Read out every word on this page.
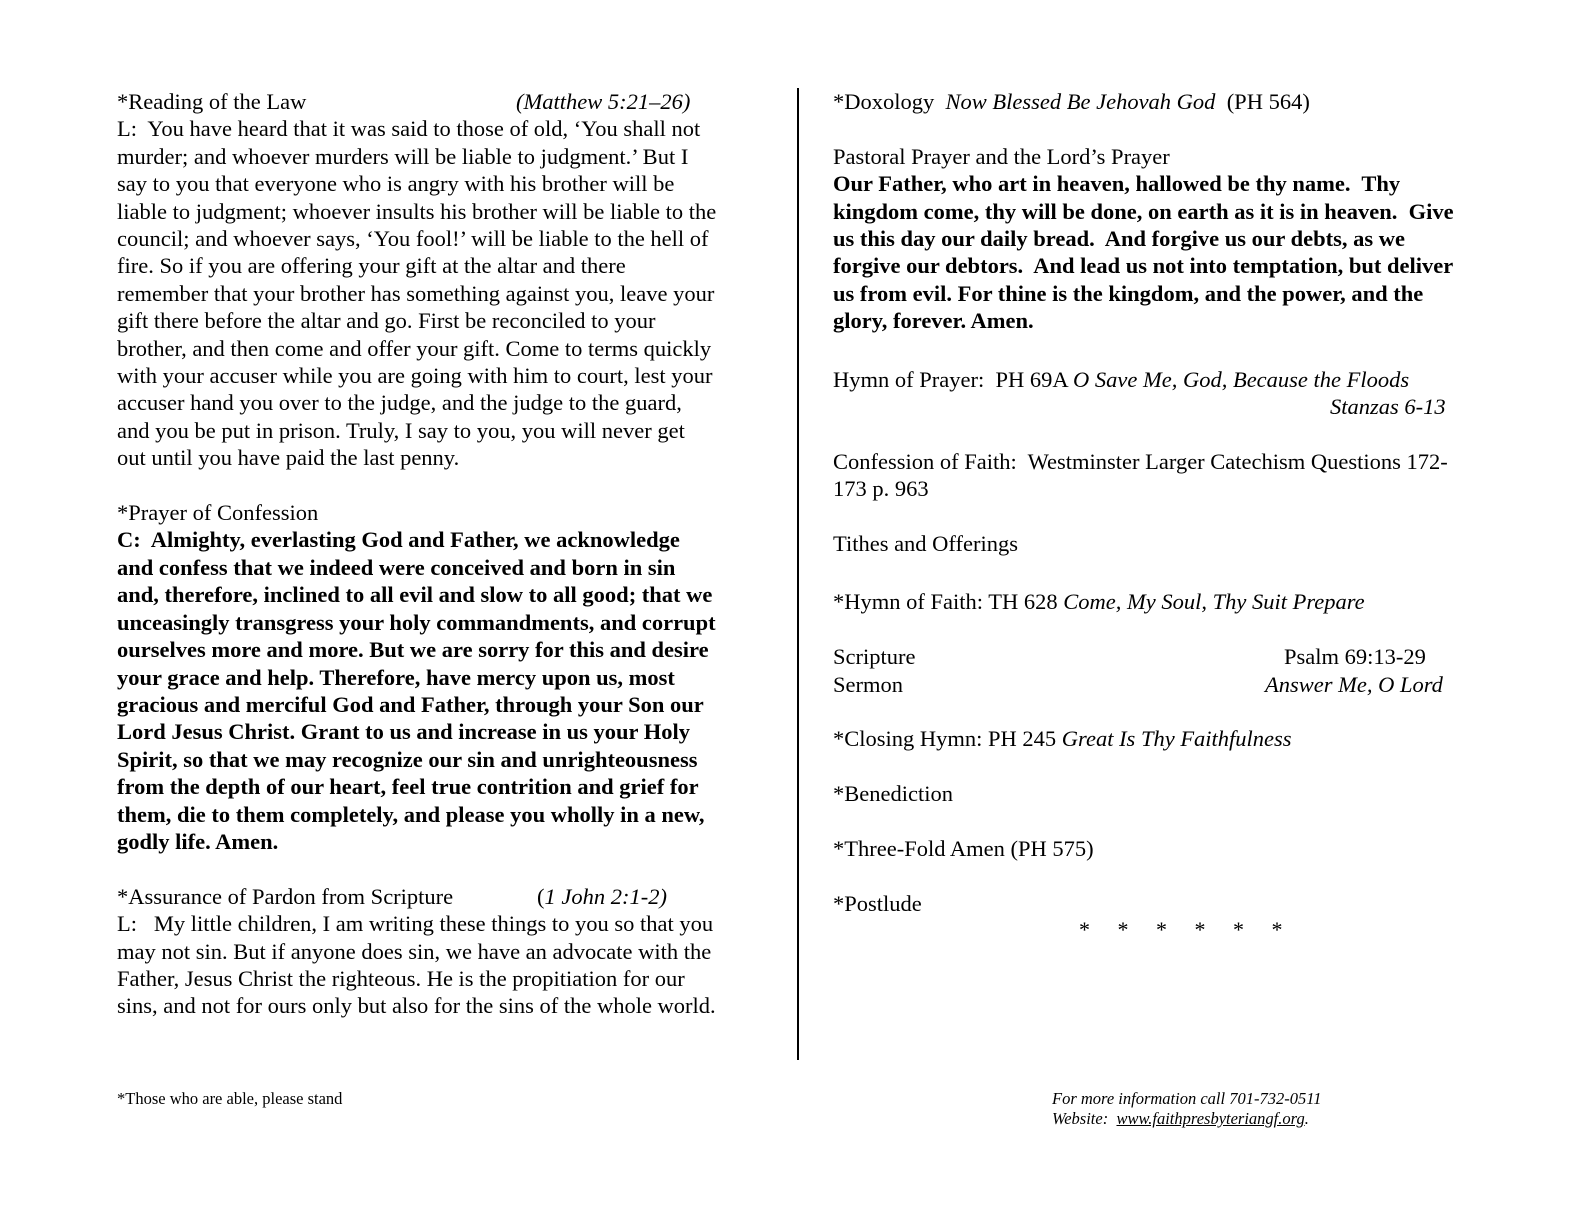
*Reading of the Law	(Matthew 5:21–26)

L:  You have heard that it was said to those of old, ‘You shall not

murder; and whoever murders will be liable to judgment.’ But I

say to you that everyone who is angry with his brother will be

liable to judgment; whoever insults his brother will be liable to the

council; and whoever says, ‘You fool!’ will be liable to the hell of

fire. So if you are offering your gift at the altar and there

remember that your brother has something against you, leave your

gift there before the altar and go. First be reconciled to your

brother, and then come and offer your gift. Come to terms quickly

with your accuser while you are going with him to court, lest your

accuser hand you over to the judge, and the judge to the guard,

and you be put in prison. Truly, I say to you, you will never get

out until you have paid the last penny.

*Prayer of Confession

C:  Almighty, everlasting God and Father, we acknowledge

and confess that we indeed were conceived and born in sin

and, therefore, inclined to all evil and slow to all good; that we

unceasingly transgress your holy commandments, and corrupt

ourselves more and more. But we are sorry for this and desire

your grace and help. Therefore, have mercy upon us, most

gracious and merciful God and Father, through your Son our

Lord Jesus Christ. Grant to us and increase in us your Holy

Spirit, so that we may recognize our sin and unrighteousness

from the depth of our heart, feel true contrition and grief for

them, die to them completely, and please you wholly in a new,

godly life. Amen.

*Assurance of Pardon from Scripture	(1 John 2:1-2)

L:   My little children, I am writing these things to you so that you

may not sin. But if anyone does sin, we have an advocate with the

Father, Jesus Christ the righteous. He is the propitiation for our

sins, and not for ours only but also for the sins of the whole world.

*Doxology Now Blessed Be Jehovah God (PH 564)

Pastoral Prayer and the Lord’s Prayer

Our Father, who art in heaven, hallowed be thy name.  Thy

kingdom come, thy will be done, on earth as it is in heaven.  Give

us this day our daily bread.  And forgive us our debts, as we

forgive our debtors.  And lead us not into temptation, but deliver

us from evil. For thine is the kingdom, and the power, and the

glory, forever. Amen.

Hymn of Prayer:  PH 69A O Save Me, God, Because the Floods

Stanzas 6-13

Confession of Faith:  Westminster Larger Catechism Questions 172-

173 p. 963

Tithes and Offerings

*Hymn of Faith: TH 628 Come, My Soul, Thy Suit Prepare

Scripture	Psalm 69:13-29
Sermon	Answer Me, O Lord

*Closing Hymn: PH 245 Great Is Thy Faithfulness

*Benediction

*Three-Fold Amen (PH 575)

*Postlude

*     *     *     *     *     *

*Those who are able, please stand	For more information call 701-732-0511
Website:  www.faithpresbyteriangf.org.
